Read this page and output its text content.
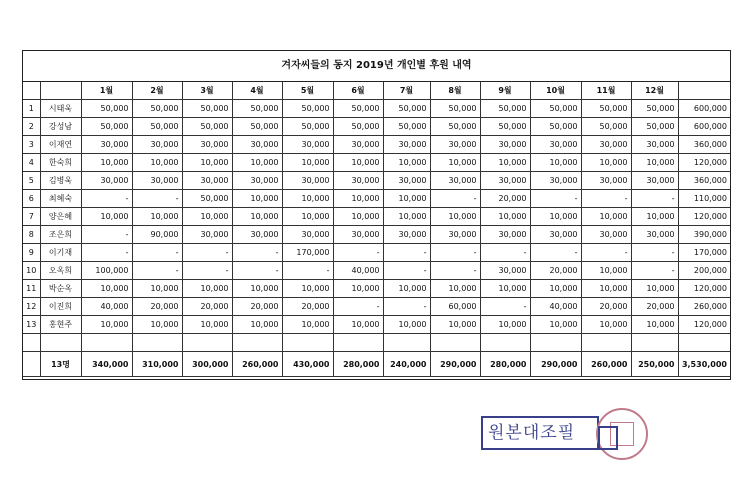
겨자씨들의 동지 2019년 개인별 후원 내역
		1월	2월	3월	4월	5월	6월	7월	8월	9월	10월	11월	12월	
1	시태욱	50,000	50,000	50,000	50,000	50,000	50,000	50,000	50,000	50,000	50,000	50,000	50,000	600,000
2	강성남	50,000	50,000	50,000	50,000	50,000	50,000	50,000	50,000	50,000	50,000	50,000	50,000	600,000
3	이재연	30,000	30,000	30,000	30,000	30,000	30,000	30,000	30,000	30,000	30,000	30,000	30,000	360,000
4	한숙희	10,000	10,000	10,000	10,000	10,000	10,000	10,000	10,000	10,000	10,000	10,000	10,000	120,000
5	김병욱	30,000	30,000	30,000	30,000	30,000	30,000	30,000	30,000	30,000	30,000	30,000	30,000	360,000
6	최혜숙	-	-	50,000	10,000	10,000	10,000	10,000	-	20,000	-	-	-	110,000
7	양은혜	10,000	10,000	10,000	10,000	10,000	10,000	10,000	10,000	10,000	10,000	10,000	10,000	120,000
8	조은희	-	90,000	30,000	30,000	30,000	30,000	30,000	30,000	30,000	30,000	30,000	30,000	390,000
9	이기재	-	-	-	-	170,000	-	-	-	-	-	-	-	170,000
10	오옥희	100,000	-	-	-	-	40,000	-	-	30,000	20,000	10,000	-	200,000
11	박순옥	10,000	10,000	10,000	10,000	10,000	10,000	10,000	10,000	10,000	10,000	10,000	10,000	120,000
12	이진희	40,000	20,000	20,000	20,000	20,000	-	-	60,000	-	40,000	20,000	20,000	260,000
13	홍현주	10,000	10,000	10,000	10,000	10,000	10,000	10,000	10,000	10,000	10,000	10,000	10,000	120,000

	13명	340,000	310,000	300,000	260,000	430,000	280,000	240,000	290,000	280,000	290,000	260,000	250,000	3,530,000
원본대조필
